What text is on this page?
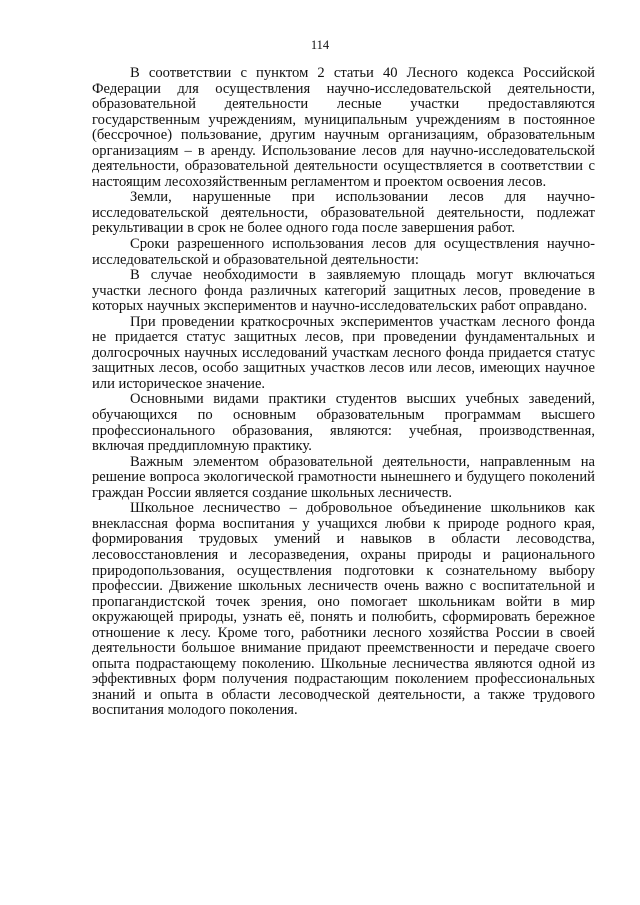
114

В соответствии с пунктом 2 статьи 40 Лесного кодекса Российской Федерации для осуществления научно-исследовательской деятельности, образовательной деятельности лесные участки предоставляются государственным учреждениям, муниципальным учреждениям в постоянное (бессрочное) пользование, другим научным организациям, образовательным организациям – в аренду. Использование лесов для научно-исследовательской деятельности, образовательной деятельности осуществляется в соответствии с настоящим лесохозяйственным регламентом и проектом освоения лесов.

Земли, нарушенные при использовании лесов для научно-исследовательской деятельности, образовательной деятельности, подлежат рекультивации в срок не более одного года после завершения работ.

Сроки разрешенного использования лесов для осуществления научно-исследовательской и образовательной деятельности:

В случае необходимости в заявляемую площадь могут включаться участки лесного фонда различных категорий защитных лесов, проведение в которых научных экспериментов и научно-исследовательских работ оправдано.

При проведении краткосрочных экспериментов участкам лесного фонда не придается статус защитных лесов, при проведении фундаментальных и долгосрочных научных исследований участкам лесного фонда придается статус защитных лесов, особо защитных участков лесов или лесов, имеющих научное или историческое значение.

Основными видами практики студентов высших учебных заведений, обучающихся по основным образовательным программам высшего профессионального образования, являются: учебная, производственная, включая преддипломную практику.

Важным элементом образовательной деятельности, направленным на решение вопроса экологической грамотности нынешнего и будущего поколений граждан России является создание школьных лесничеств.

Школьное лесничество – добровольное объединение школьников как внеклассная форма воспитания у учащихся любви к природе родного края, формирования трудовых умений и навыков в области лесоводства, лесовосстановления и лесоразведения, охраны природы и рационального природопользования, осуществления подготовки к сознательному выбору профессии. Движение школьных лесничеств очень важно с воспитательной и пропагандистской точек зрения, оно помогает школьникам войти в мир окружающей природы, узнать её, понять и полюбить, сформировать бережное отношение к лесу. Кроме того, работники лесного хозяйства России в своей деятельности большое внимание придают преемственности и передаче своего опыта подрастающему поколению. Школьные лесничества являются одной из эффективных форм получения подрастающим поколением профессиональных знаний и опыта в области лесоводческой деятельности, а также трудового воспитания молодого поколения.
